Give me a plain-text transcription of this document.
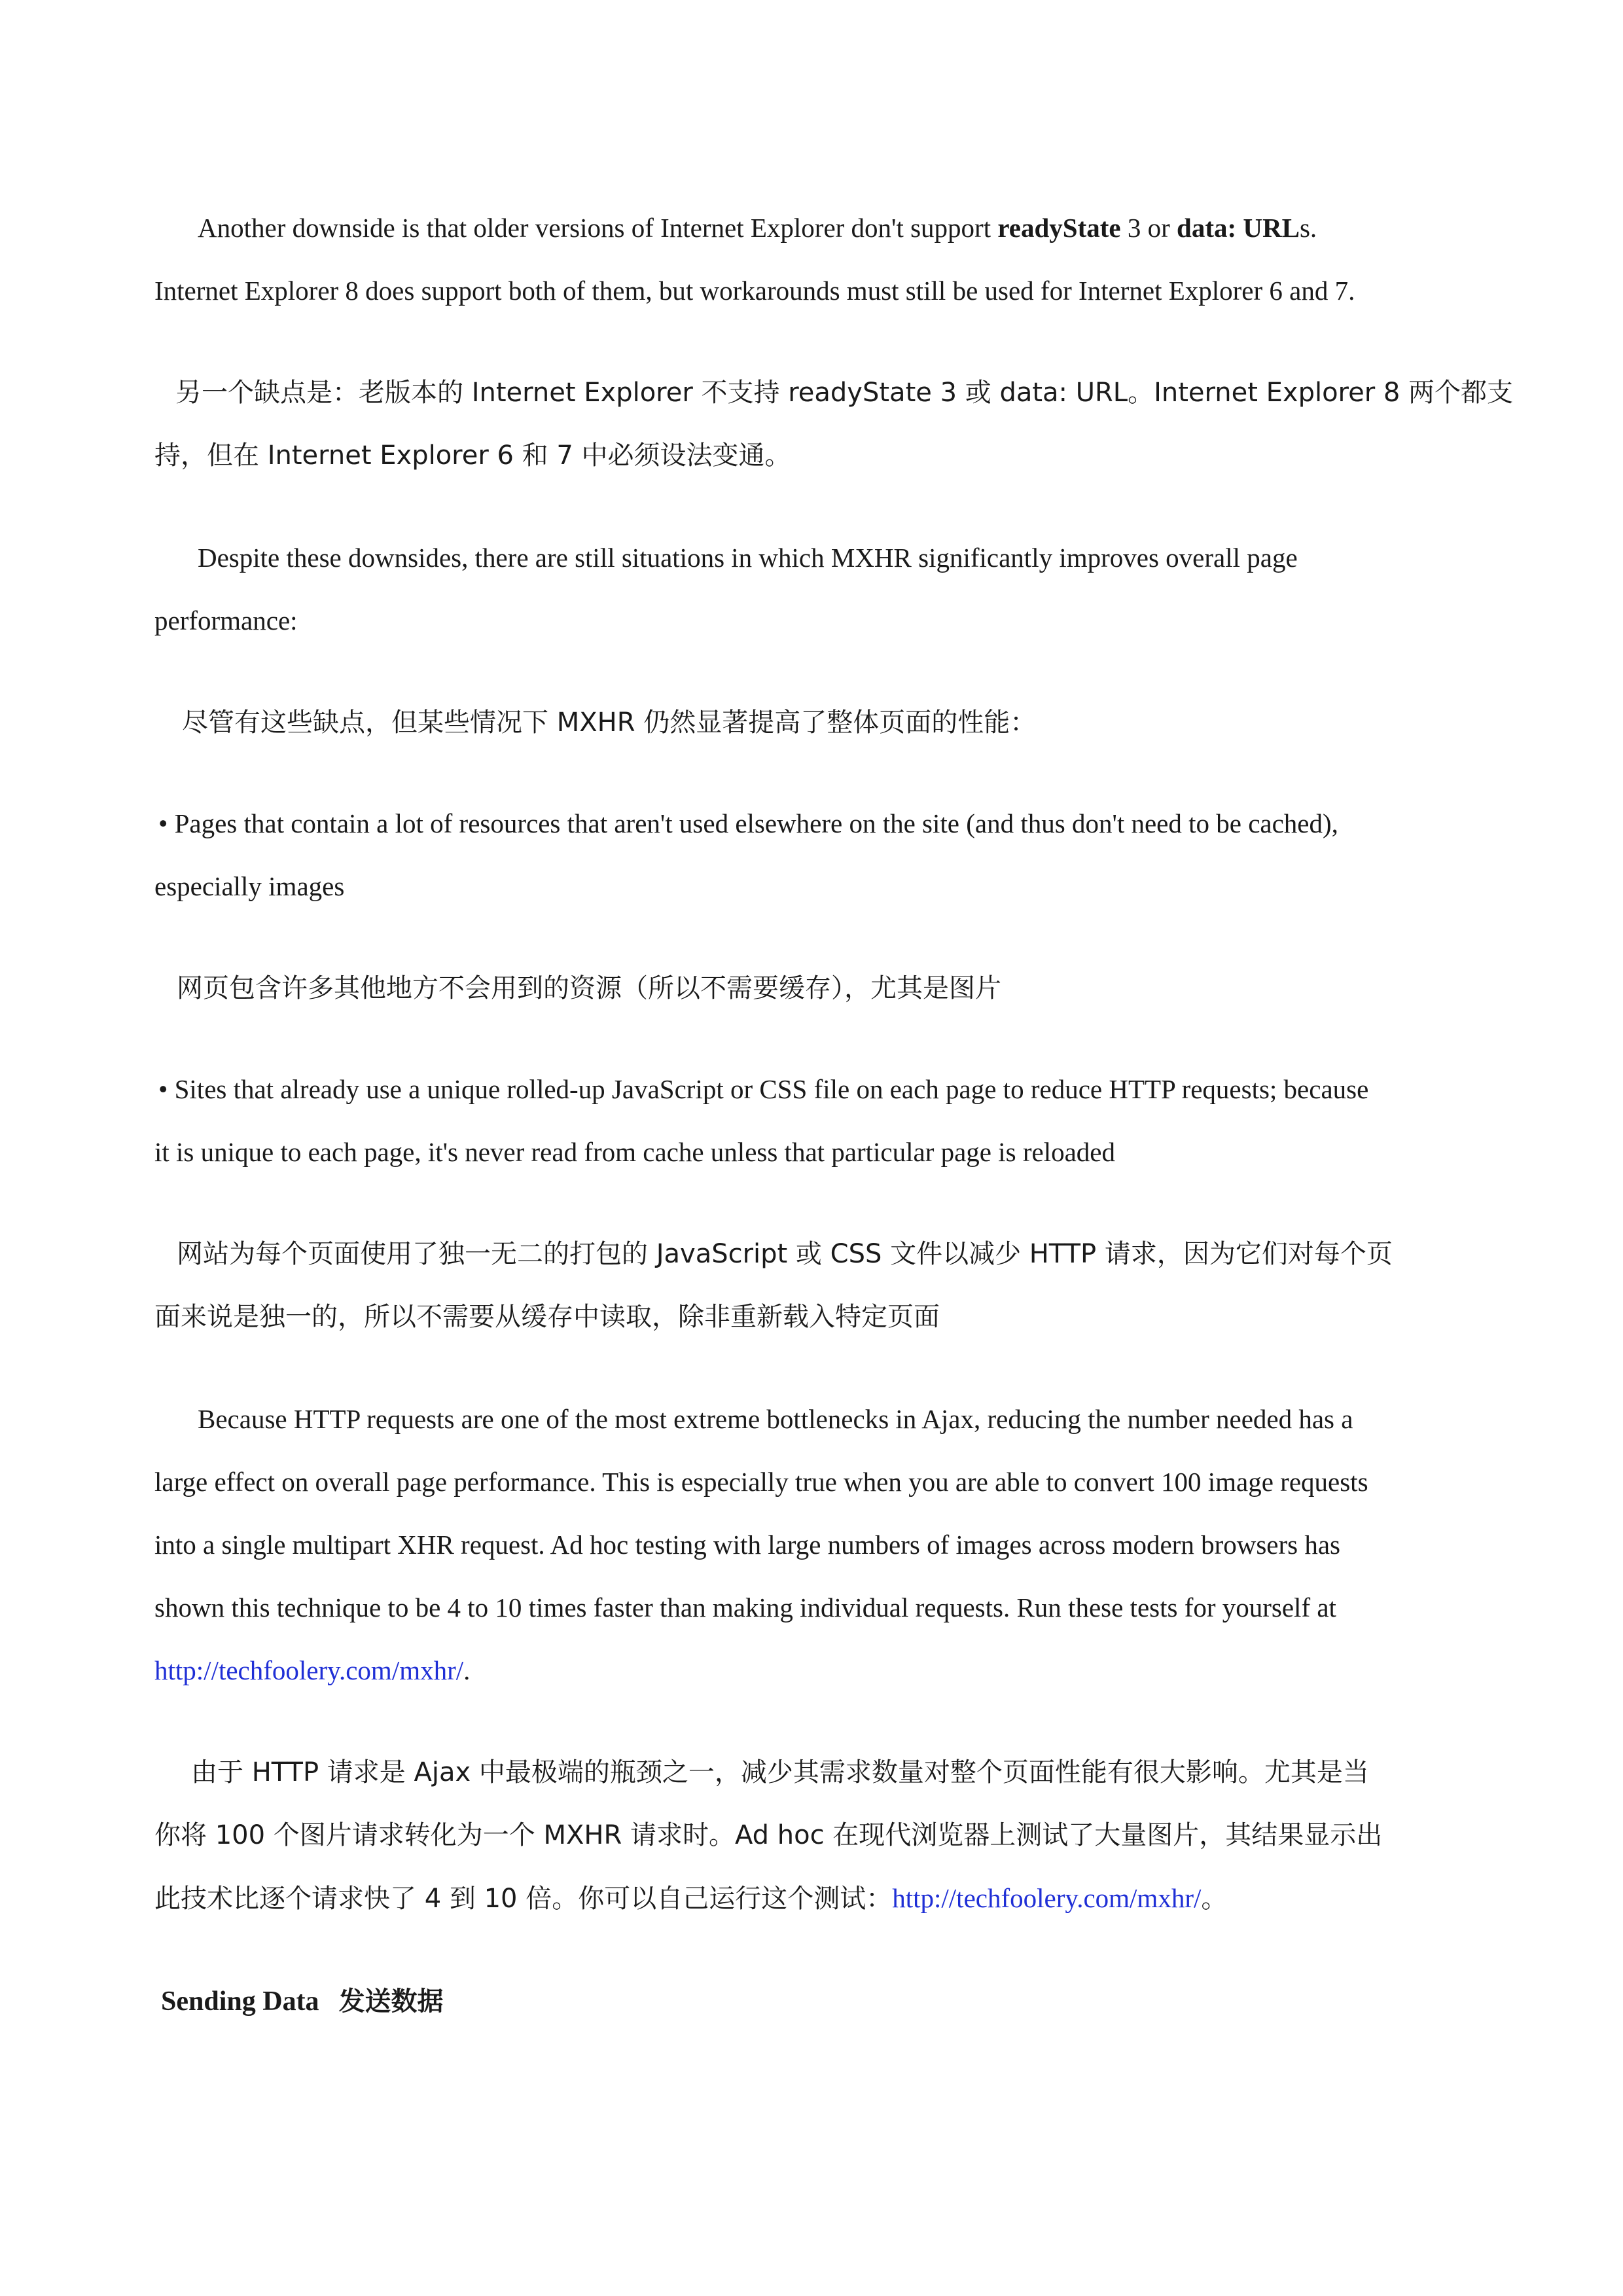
Another downside is that older versions of Internet Explorer don't support readyState 3 or data: URLs.
Internet Explorer 8 does support both of them, but workarounds must still be used for Internet Explorer 6 and 7.
另一个缺点是：老版本的 Internet Explorer 不支持 readyState 3 或 data: URL。Internet Explorer 8 两个都支
持，但在 Internet Explorer 6 和 7 中必须设法变通。
Despite these downsides, there are still situations in which MXHR significantly improves overall page
performance:
尽管有这些缺点，但某些情况下 MXHR 仍然显著提高了整体页面的性能：
• Pages that contain a lot of resources that aren't used elsewhere on the site (and thus don't need to be cached),
especially images
网页包含许多其他地方不会用到的资源（所以不需要缓存），尤其是图片
• Sites that already use a unique rolled-up JavaScript or CSS file on each page to reduce HTTP requests; because
it is unique to each page, it's never read from cache unless that particular page is reloaded
网站为每个页面使用了独一无二的打包的 JavaScript 或 CSS 文件以减少 HTTP 请求，因为它们对每个页
面来说是独一的，所以不需要从缓存中读取，除非重新载入特定页面
Because HTTP requests are one of the most extreme bottlenecks in Ajax, reducing the number needed has a
large effect on overall page performance. This is especially true when you are able to convert 100 image requests
into a single multipart XHR request. Ad hoc testing with large numbers of images across modern browsers has
shown this technique to be 4 to 10 times faster than making individual requests. Run these tests for yourself at
http://techfoolery.com/mxhr/.
由于 HTTP 请求是 Ajax 中最极端的瓶颈之一，减少其需求数量对整个页面性能有很大影响。尤其是当
你将 100 个图片请求转化为一个 MXHR 请求时。Ad hoc 在现代浏览器上测试了大量图片，其结果显示出
此技术比逐个请求快了 4 到 10 倍。你可以自己运行这个测试：http://techfoolery.com/mxhr/。
Sending Data 发送数据
